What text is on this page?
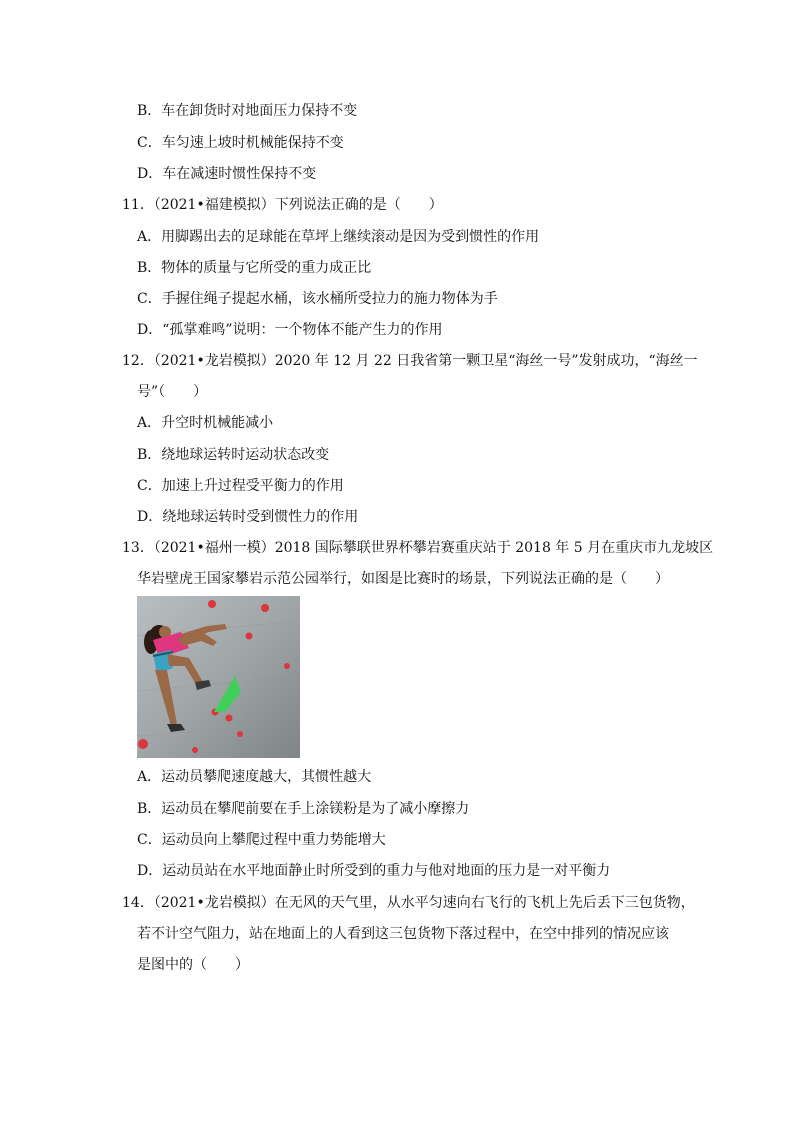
B．车在卸货时对地面压力保持不变
C．车匀速上坡时机械能保持不变
D．车在减速时惯性保持不变
11．（2021•福建模拟）下列说法正确的是（　　）
A．用脚踢出去的足球能在草坪上继续滚动是因为受到惯性的作用
B．物体的质量与它所受的重力成正比
C．手握住绳子提起水桶，该水桶所受拉力的施力物体为手
D．“孤掌难鸣”说明：一个物体不能产生力的作用
12．（2021•龙岩模拟）2020 年 12 月 22 日我省第一颗卫星“海丝一号”发射成功，“海丝一
号”（　　）
A．升空时机械能减小
B．绕地球运转时运动状态改变
C．加速上升过程受平衡力的作用
D．绕地球运转时受到惯性力的作用
13．（2021•福州一模）2018 国际攀联世界杯攀岩赛重庆站于 2018 年 5 月在重庆市九龙坡区
华岩壁虎王国家攀岩示范公园举行，如图是比赛时的场景，下列说法正确的是（　　）
A．运动员攀爬速度越大，其惯性越大
B．运动员在攀爬前要在手上涂镁粉是为了减小摩擦力
C．运动员向上攀爬过程中重力势能增大
D．运动员站在水平地面静止时所受到的重力与他对地面的压力是一对平衡力
14．（2021•龙岩模拟）在无风的天气里，从水平匀速向右飞行的飞机上先后丢下三包货物，
若不计空气阻力，站在地面上的人看到这三包货物下落过程中，在空中排列的情况应该
是图中的（　　）
